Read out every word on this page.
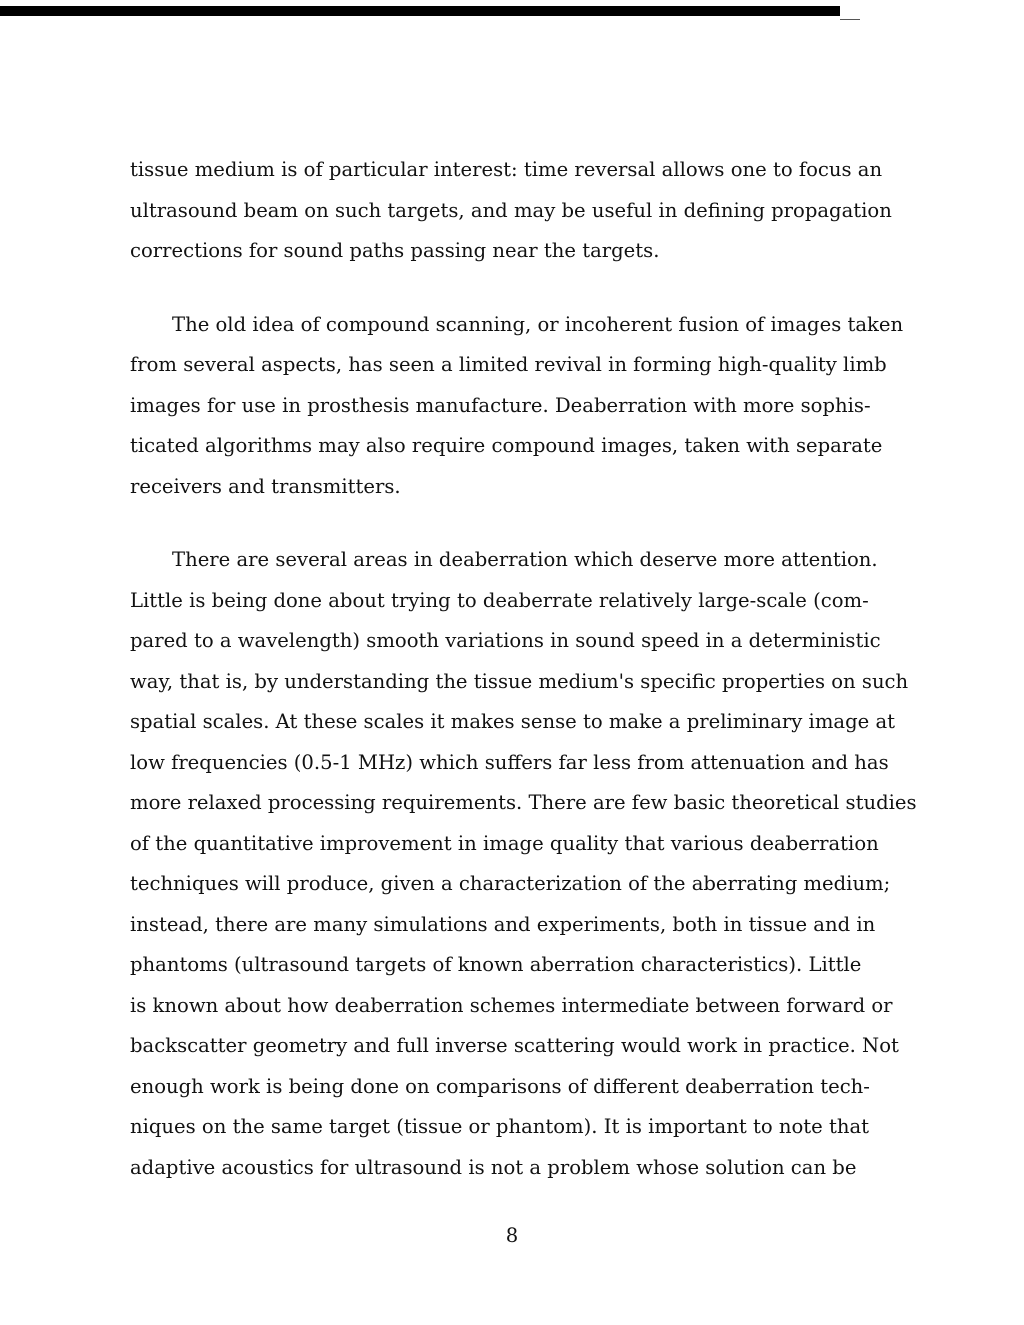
tissue medium is of particular interest: time reversal allows one to focus an
ultrasound beam on such targets, and may be useful in defining propagation
corrections for sound paths passing near the targets.
The old idea of compound scanning, or incoherent fusion of images taken
from several aspects, has seen a limited revival in forming high-quality limb
images for use in prosthesis manufacture. Deaberration with more sophis-
ticated algorithms may also require compound images, taken with separate
receivers and transmitters.
There are several areas in deaberration which deserve more attention.
Little is being done about trying to deaberrate relatively large-scale (com-
pared to a wavelength) smooth variations in sound speed in a deterministic
way, that is, by understanding the tissue medium's specific properties on such
spatial scales. At these scales it makes sense to make a preliminary image at
low frequencies (0.5-1 MHz) which suffers far less from attenuation and has
more relaxed processing requirements. There are few basic theoretical studies
of the quantitative improvement in image quality that various deaberration
techniques will produce, given a characterization of the aberrating medium;
instead, there are many simulations and experiments, both in tissue and in
phantoms (ultrasound targets of known aberration characteristics). Little
is known about how deaberration schemes intermediate between forward or
backscatter geometry and full inverse scattering would work in practice. Not
enough work is being done on comparisons of different deaberration tech-
niques on the same target (tissue or phantom). It is important to note that
adaptive acoustics for ultrasound is not a problem whose solution can be
8
